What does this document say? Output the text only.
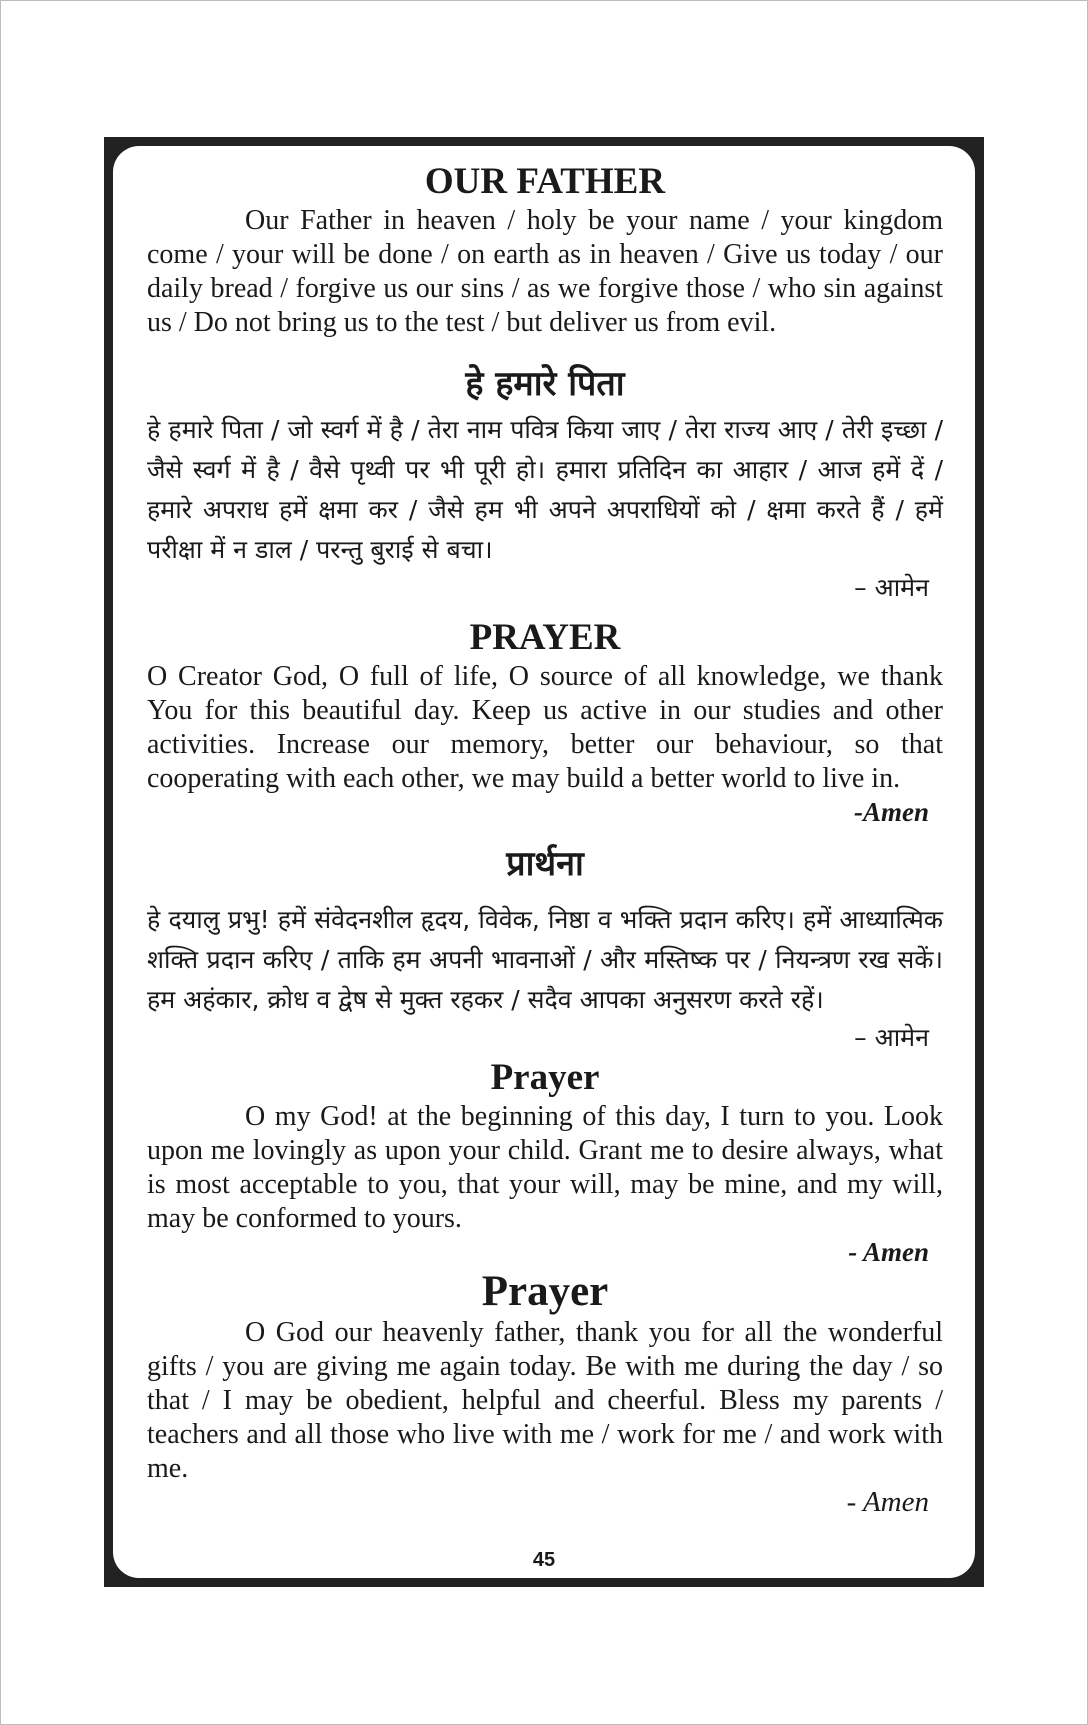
OUR FATHER

Our Father in heaven / holy be your name / your kingdom come / your will be done / on earth as in heaven / Give us today / our daily bread / forgive us our sins / as we forgive those / who sin against us / Do not bring us to the test / but deliver us from evil.

हे हमारे पिता

हे हमारे पिता / जो स्वर्ग में है / तेरा नाम पवित्र किया जाए / तेरा राज्य आए / तेरी इच्छा / जैसे स्वर्ग में है / वैसे पृथ्वी पर भी पूरी हो। हमारा प्रतिदिन का आहार / आज हमें दें / हमारे अपराध हमें क्षमा कर / जैसे हम भी अपने अपराधियों को / क्षमा करते हैं / हमें परीक्षा में न डाल / परन्तु बुराई से बचा।

– आमेन

PRAYER

O Creator God, O full of life, O source of all knowledge, we thank You for this beautiful day. Keep us active in our studies and other activities. Increase our memory, better our behaviour, so that cooperating with each other, we may build a better world to live in.

-Amen

प्रार्थना

हे दयालु प्रभु! हमें संवेदनशील हृदय, विवेक, निष्ठा व भक्ति प्रदान करिए। हमें आध्यात्मिक शक्ति प्रदान करिए / ताकि हम अपनी भावनाओं / और मस्तिष्क पर / नियन्त्रण रख सकें। हम अहंकार, क्रोध व द्वेष से मुक्त रहकर / सदैव आपका अनुसरण करते रहें।

– आमेन

Prayer

O my God! at the beginning of this day, I turn to you. Look upon me lovingly as upon your child. Grant me to desire always, what is most acceptable to you, that your will, may be mine, and my will, may be conformed to yours.

- Amen

Prayer

O God our heavenly father, thank you for all the wonderful gifts / you are giving me again today. Be with me during the day / so that / I may be obedient, helpful and cheerful. Bless my parents / teachers and all those who live with me / work for me / and work with me.

- Amen

45
